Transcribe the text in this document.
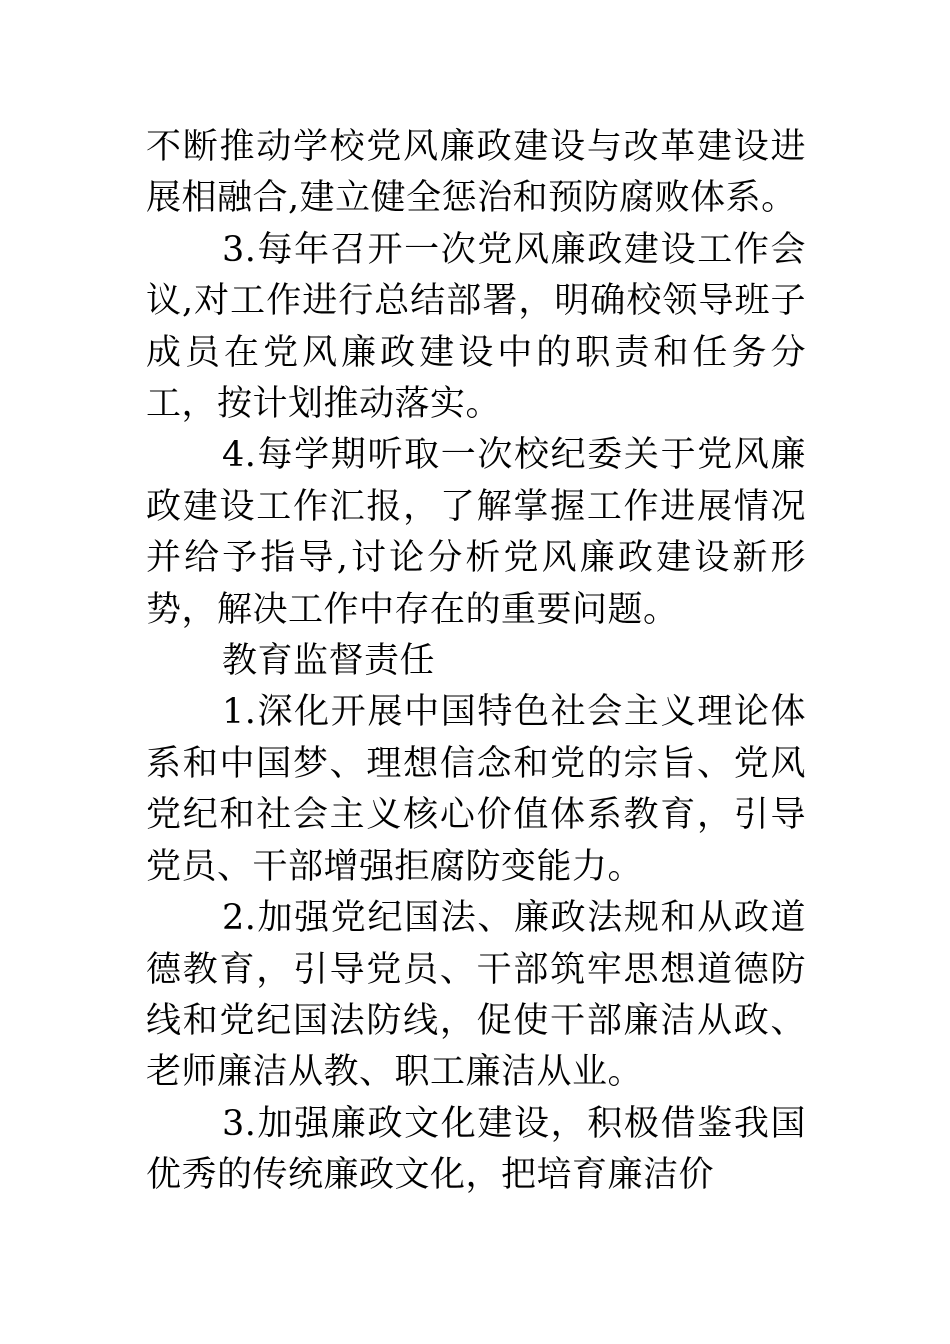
不断推动学校党风廉政建设与改革建设进展相融合,建立健全惩治和预防腐败体系。

3.每年召开一次党风廉政建设工作会议,对工作进行总结部署，明确校领导班子成员在党风廉政建设中的职责和任务分工，按计划推动落实。

4.每学期听取一次校纪委关于党风廉政建设工作汇报，了解掌握工作进展情况并给予指导,讨论分析党风廉政建设新形势，解决工作中存在的重要问题。

教育监督责任

1.深化开展中国特色社会主义理论体系和中国梦、理想信念和党的宗旨、党风党纪和社会主义核心价值体系教育，引导党员、干部增强拒腐防变能力。

2.加强党纪国法、廉政法规和从政道德教育，引导党员、干部筑牢思想道德防线和党纪国法防线，促使干部廉洁从政、老师廉洁从教、职工廉洁从业。

3.加强廉政文化建设，积极借鉴我国优秀的传统廉政文化，把培育廉洁价
